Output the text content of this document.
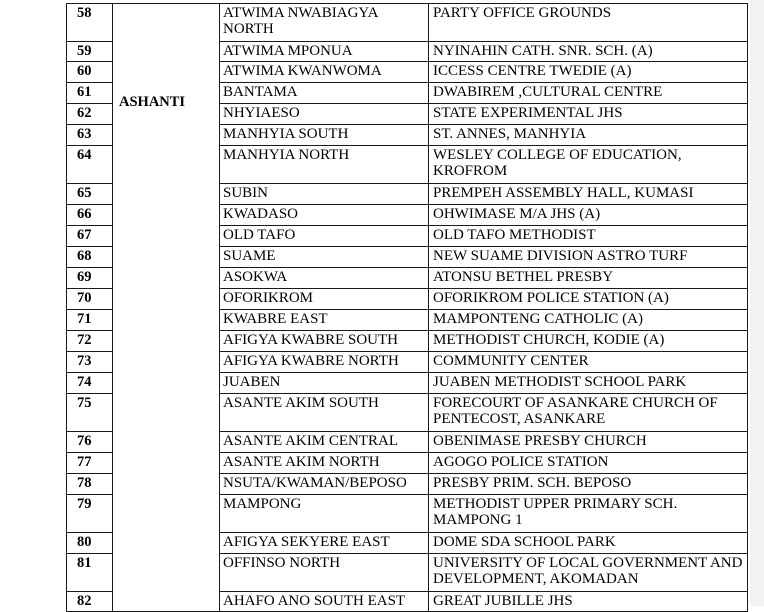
58	ASHANTI	ATWIMA NWABIAGYA NORTH	PARTY OFFICE GROUNDS
59		ATWIMA MPONUA	NYINAHIN CATH. SNR. SCH. (A)
60		ATWIMA KWANWOMA	ICCESS CENTRE TWEDIE (A)
61		BANTAMA	DWABIREM ,CULTURAL CENTRE
62		NHYIAESO	STATE EXPERIMENTAL JHS
63		MANHYIA SOUTH	ST. ANNES, MANHYIA
64		MANHYIA NORTH	WESLEY COLLEGE OF EDUCATION, KROFROM
65		SUBIN	PREMPEH ASSEMBLY HALL, KUMASI
66		KWADASO	OHWIMASE M/A JHS (A)
67		OLD TAFO	OLD TAFO METHODIST
68		SUAME	NEW SUAME DIVISION ASTRO TURF
69		ASOKWA	ATONSU BETHEL PRESBY
70		OFORIKROM	OFORIKROM POLICE STATION (A)
71		KWABRE EAST	MAMPONTENG CATHOLIC (A)
72		AFIGYA KWABRE SOUTH	METHODIST CHURCH, KODIE (A)
73		AFIGYA KWABRE NORTH	COMMUNITY CENTER
74		JUABEN	JUABEN METHODIST SCHOOL PARK
75		ASANTE AKIM SOUTH	FORECOURT OF ASANKARE CHURCH OF PENTECOST, ASANKARE
76		ASANTE AKIM CENTRAL	OBENIMASE PRESBY CHURCH
77		ASANTE AKIM NORTH	AGOGO POLICE STATION
78		NSUTA/KWAMAN/BEPOSO	PRESBY PRIM. SCH. BEPOSO
79		MAMPONG	METHODIST UPPER PRIMARY SCH. MAMPONG 1
80		AFIGYA SEKYERE EAST	DOME SDA SCHOOL PARK
81		OFFINSO NORTH	UNIVERSITY OF LOCAL GOVERNMENT AND DEVELOPMENT, AKOMADAN
82		AHAFO ANO SOUTH EAST	GREAT JUBILLE JHS
